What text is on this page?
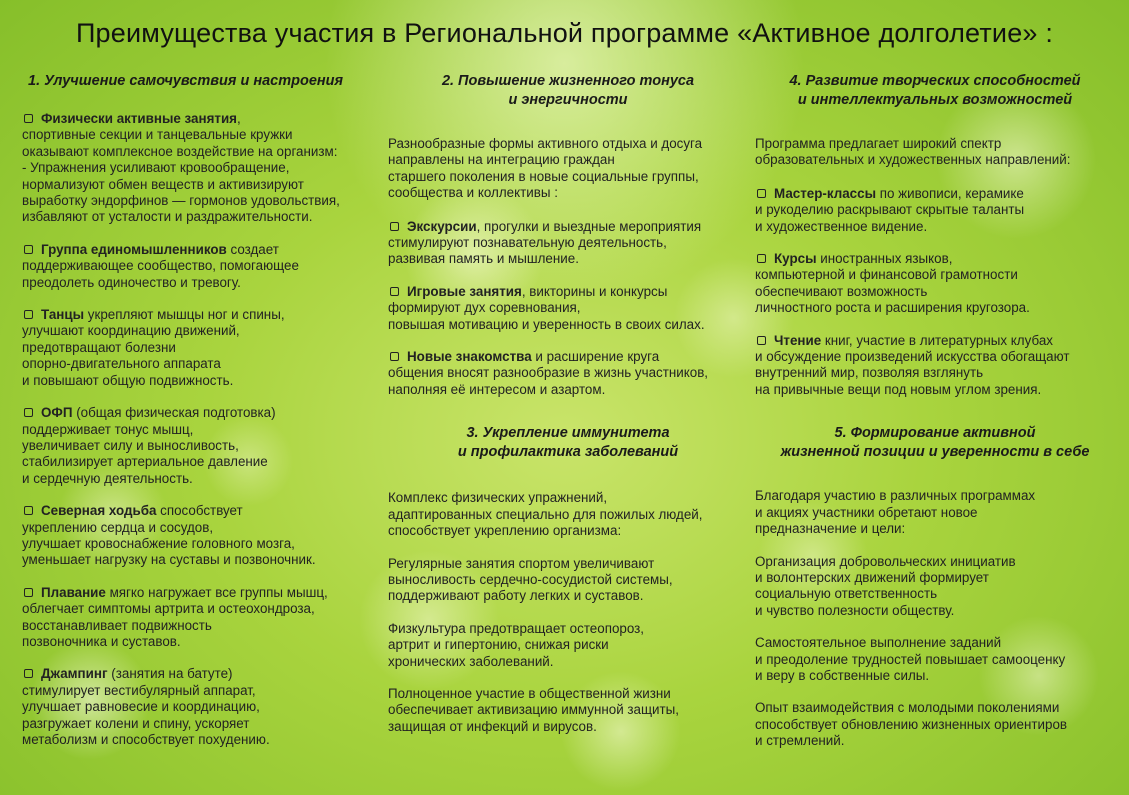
Преимущества участия в Региональной программе «Активное долголетие» :

1. Улучшение самочувствия и настроения

Физически активные занятия,
спортивные секции и танцевальные кружки
оказывают комплексное воздействие на организм:
- Упражнения усиливают кровообращение,
нормализуют обмен веществ и активизируют
выработку эндорфинов — гормонов удовольствия,
избавляют от усталости и раздражительности.

Группа единомышленников создает
поддерживающее сообщество, помогающее
преодолеть одиночество и тревогу.

Танцы укрепляют мышцы ног и спины,
улучшают координацию движений,
предотвращают болезни
опорно-двигательного аппарата
и повышают общую подвижность.

ОФП (общая физическая подготовка)
поддерживает тонус мышц,
увеличивает силу и выносливость,
стабилизирует артериальное давление
и сердечную деятельность.

Северная ходьба способствует
укреплению сердца и сосудов,
улучшает кровоснабжение головного мозга,
уменьшает нагрузку на суставы и позвоночник.

Плавание мягко нагружает все группы мышц,
облегчает симптомы артрита и остеохондроза,
восстанавливает подвижность
позвоночника и суставов.

Джампинг (занятия на батуте)
стимулирует вестибулярный аппарат,
улучшает равновесие и координацию,
разгружает колени и спину, ускоряет
метаболизм и способствует похудению.

2. Повышение жизненного тонуса
и энергичности

Разнообразные формы активного отдыха и досуга
направлены на интеграцию граждан
старшего поколения в новые социальные группы,
сообщества и коллективы :

Экскурсии, прогулки и выездные мероприятия
стимулируют познавательную деятельность,
развивая память и мышление.

Игровые занятия, викторины и конкурсы
формируют дух соревнования,
повышая мотивацию и уверенность в своих силах.

Новые знакомства и расширение круга
общения вносят разнообразие в жизнь участников,
наполняя её интересом и азартом.

3. Укрепление иммунитета
и профилактика заболеваний

Комплекс физических упражнений,
адаптированных специально для пожилых людей,
способствует укреплению организма:

Регулярные занятия спортом увеличивают
выносливость сердечно-сосудистой системы,
поддерживают работу легких и суставов.

Физкультура предотвращает остеопороз,
артрит и гипертонию, снижая риски
хронических заболеваний.

Полноценное участие в общественной жизни
обеспечивает активизацию иммунной защиты,
защищая от инфекций и вирусов.

4. Развитие творческих способностей
и интеллектуальных возможностей

Программа предлагает широкий спектр
образовательных и художественных направлений:

Мастер-классы по живописи, керамике
и рукоделию раскрывают скрытые таланты
и художественное видение.

Курсы иностранных языков,
компьютерной и финансовой грамотности
обеспечивают возможность
личностного роста и расширения кругозора.

Чтение книг, участие в литературных клубах
и обсуждение произведений искусства обогащают
внутренний мир, позволяя взглянуть
на привычные вещи под новым углом зрения.

5. Формирование активной
жизненной позиции и уверенности в себе

Благодаря участию в различных программах
и акциях участники обретают новое
предназначение и цели:

Организация добровольческих инициатив
и волонтерских движений формирует
социальную ответственность
и чувство полезности обществу.

Самостоятельное выполнение заданий
и преодоление трудностей повышает самооценку
и веру в собственные силы.

Опыт взаимодействия с молодыми поколениями
способствует обновлению жизненных ориентиров
и стремлений.
